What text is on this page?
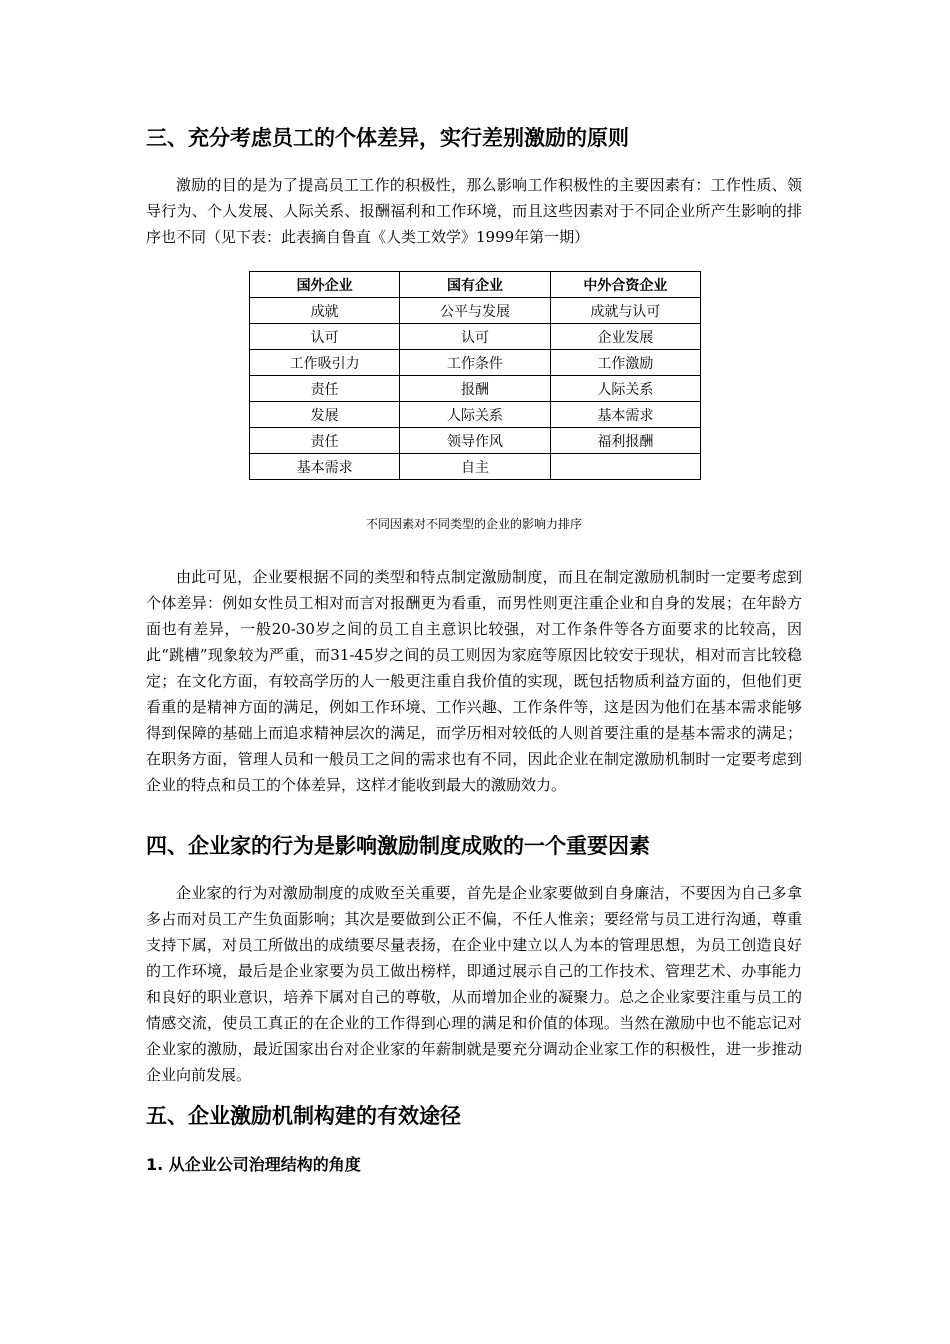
三、充分考虑员工的个体差异，实行差别激励的原则

激励的目的是为了提高员工工作的积极性，那么影响工作积极性的主要因素有：工作性质、领导行为、个人发展、人际关系、报酬福利和工作环境，而且这些因素对于不同企业所产生影响的排序也不同（见下表：此表摘自鲁直《人类工效学》1999年第一期）

国外企业	国有企业	中外合资企业
成就	公平与发展	成就与认可
认可	认可	企业发展
工作吸引力	工作条件	工作激励
责任	报酬	人际关系
发展	人际关系	基本需求
责任	领导作风	福利报酬
基本需求	自主	

不同因素对不同类型的企业的影响力排序

由此可见，企业要根据不同的类型和特点制定激励制度，而且在制定激励机制时一定要考虑到个体差异：例如女性员工相对而言对报酬更为看重，而男性则更注重企业和自身的发展；在年龄方面也有差异，一般20-30岁之间的员工自主意识比较强，对工作条件等各方面要求的比较高，因此“跳槽”现象较为严重，而31-45岁之间的员工则因为家庭等原因比较安于现状，相对而言比较稳定；在文化方面，有较高学历的人一般更注重自我价值的实现，既包括物质利益方面的，但他们更看重的是精神方面的满足，例如工作环境、工作兴趣、工作条件等，这是因为他们在基本需求能够得到保障的基础上而追求精神层次的满足，而学历相对较低的人则首要注重的是基本需求的满足；在职务方面，管理人员和一般员工之间的需求也有不同，因此企业在制定激励机制时一定要考虑到企业的特点和员工的个体差异，这样才能收到最大的激励效力。

四、企业家的行为是影响激励制度成败的一个重要因素

企业家的行为对激励制度的成败至关重要，首先是企业家要做到自身廉洁，不要因为自己多拿多占而对员工产生负面影响；其次是要做到公正不偏，不任人惟亲；要经常与员工进行沟通，尊重支持下属，对员工所做出的成绩要尽量表扬，在企业中建立以人为本的管理思想，为员工创造良好的工作环境，最后是企业家要为员工做出榜样，即通过展示自己的工作技术、管理艺术、办事能力和良好的职业意识，培养下属对自己的尊敬，从而增加企业的凝聚力。总之企业家要注重与员工的情感交流，使员工真正的在企业的工作得到心理的满足和价值的体现。当然在激励中也不能忘记对企业家的激励，最近国家出台对企业家的年薪制就是要充分调动企业家工作的积极性，进一步推动企业向前发展。

五、企业激励机制构建的有效途径
1. 从企业公司治理结构的角度
